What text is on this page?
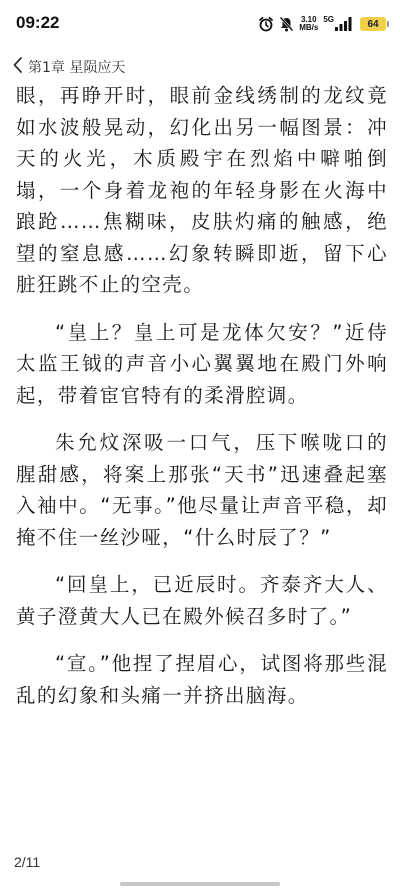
09:22	3.10
MB/s
5G	64
第1章 星陨应天

眼，再睁开时，眼前金线绣制的龙纹竟如水波般晃动，幻化出另一幅图景：冲天的火光，木质殿宇在烈焰中噼啪倒塌，一个身着龙袍的年轻身影在火海中踉跄……焦糊味，皮肤灼痛的触感，绝望的窒息感……幻象转瞬即逝，留下心脏狂跳不止的空壳。

“皇上？皇上可是龙体欠安？”近侍太监王钺的声音小心翼翼地在殿门外响起，带着宦官特有的柔滑腔调。

朱允炆深吸一口气，压下喉咙口的腥甜感，将案上那张“天书”迅速叠起塞入袖中。“无事。”他尽量让声音平稳，却掩不住一丝沙哑，“什么时辰了？”

“回皇上，已近辰时。齐泰齐大人、黄子澄黄大人已在殿外候召多时了。”

“宣。”他捏了捏眉心，试图将那些混乱的幻象和头痛一并挤出脑海。

2/11
